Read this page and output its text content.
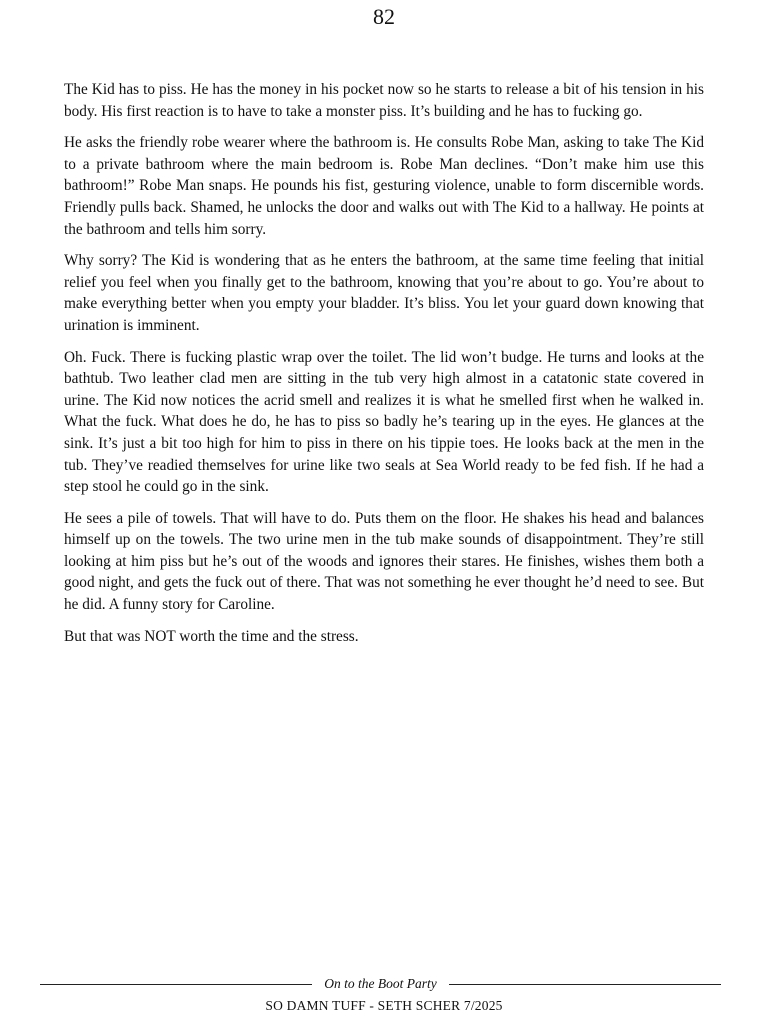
82

The Kid has to piss. He has the money in his pocket now so he starts to release a bit of his tension in his body. His first reaction is to have to take a monster piss. It’s building and he has to fucking go.

He asks the friendly robe wearer where the bathroom is. He consults Robe Man, asking to take The Kid to a private bathroom where the main bedroom is. Robe Man declines. “Don’t make him use this bathroom!” Robe Man snaps. He pounds his fist, gesturing violence, unable to form discernible words. Friendly pulls back. Shamed, he unlocks the door and walks out with The Kid to a hallway. He points at the bathroom and tells him sorry.

Why sorry? The Kid is wondering that as he enters the bathroom, at the same time feeling that initial relief you feel when you finally get to the bathroom, knowing that you’re about to go. You’re about to make everything better when you empty your bladder. It’s bliss. You let your guard down knowing that urination is imminent.

Oh. Fuck. There is fucking plastic wrap over the toilet. The lid won’t budge. He turns and looks at the bathtub. Two leather clad men are sitting in the tub very high almost in a catatonic state covered in urine. The Kid now notices the acrid smell and realizes it is what he smelled first when he walked in. What the fuck. What does he do, he has to piss so badly he’s tearing up in the eyes. He glances at the sink. It’s just a bit too high for him to piss in there on his tippie toes. He looks back at the men in the tub. They’ve readied themselves for urine like two seals at Sea World ready to be fed fish. If he had a step stool he could go in the sink.

He sees a pile of towels. That will have to do. Puts them on the floor. He shakes his head and balances himself up on the towels. The two urine men in the tub make sounds of disappointment. They’re still looking at him piss but he’s out of the woods and ignores their stares. He finishes, wishes them both a good night, and gets the fuck out of there. That was not something he ever thought he’d need to see. But he did. A funny story for Caroline.

But that was NOT worth the time and the stress.

On to the Boot Party
SO DAMN TUFF - SETH SCHER 7/2025
